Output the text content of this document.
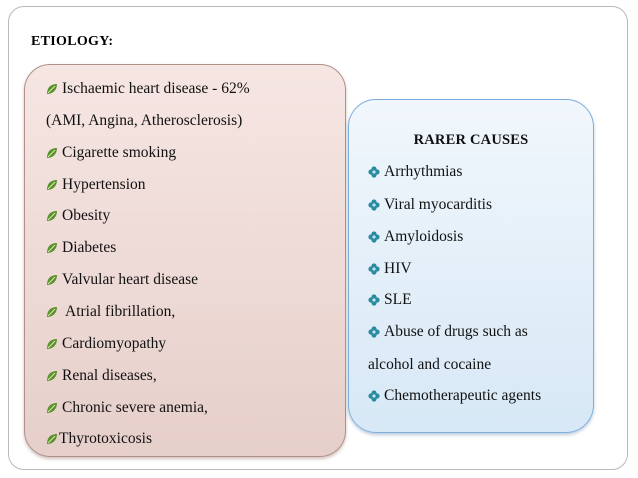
ETIOLOGY:
Ischaemic heart disease - 62%
(AMI, Angina, Atherosclerosis)
Cigarette smoking
Hypertension
Obesity
Diabetes
Valvular heart disease
Atrial fibrillation,
Cardiomyopathy
Renal diseases,
Chronic severe anemia,
Thyrotoxicosis
RARER CAUSES
Arrhythmias
Viral myocarditis
Amyloidosis
HIV
SLE
Abuse of drugs such as
alcohol and cocaine
Chemotherapeutic agents
